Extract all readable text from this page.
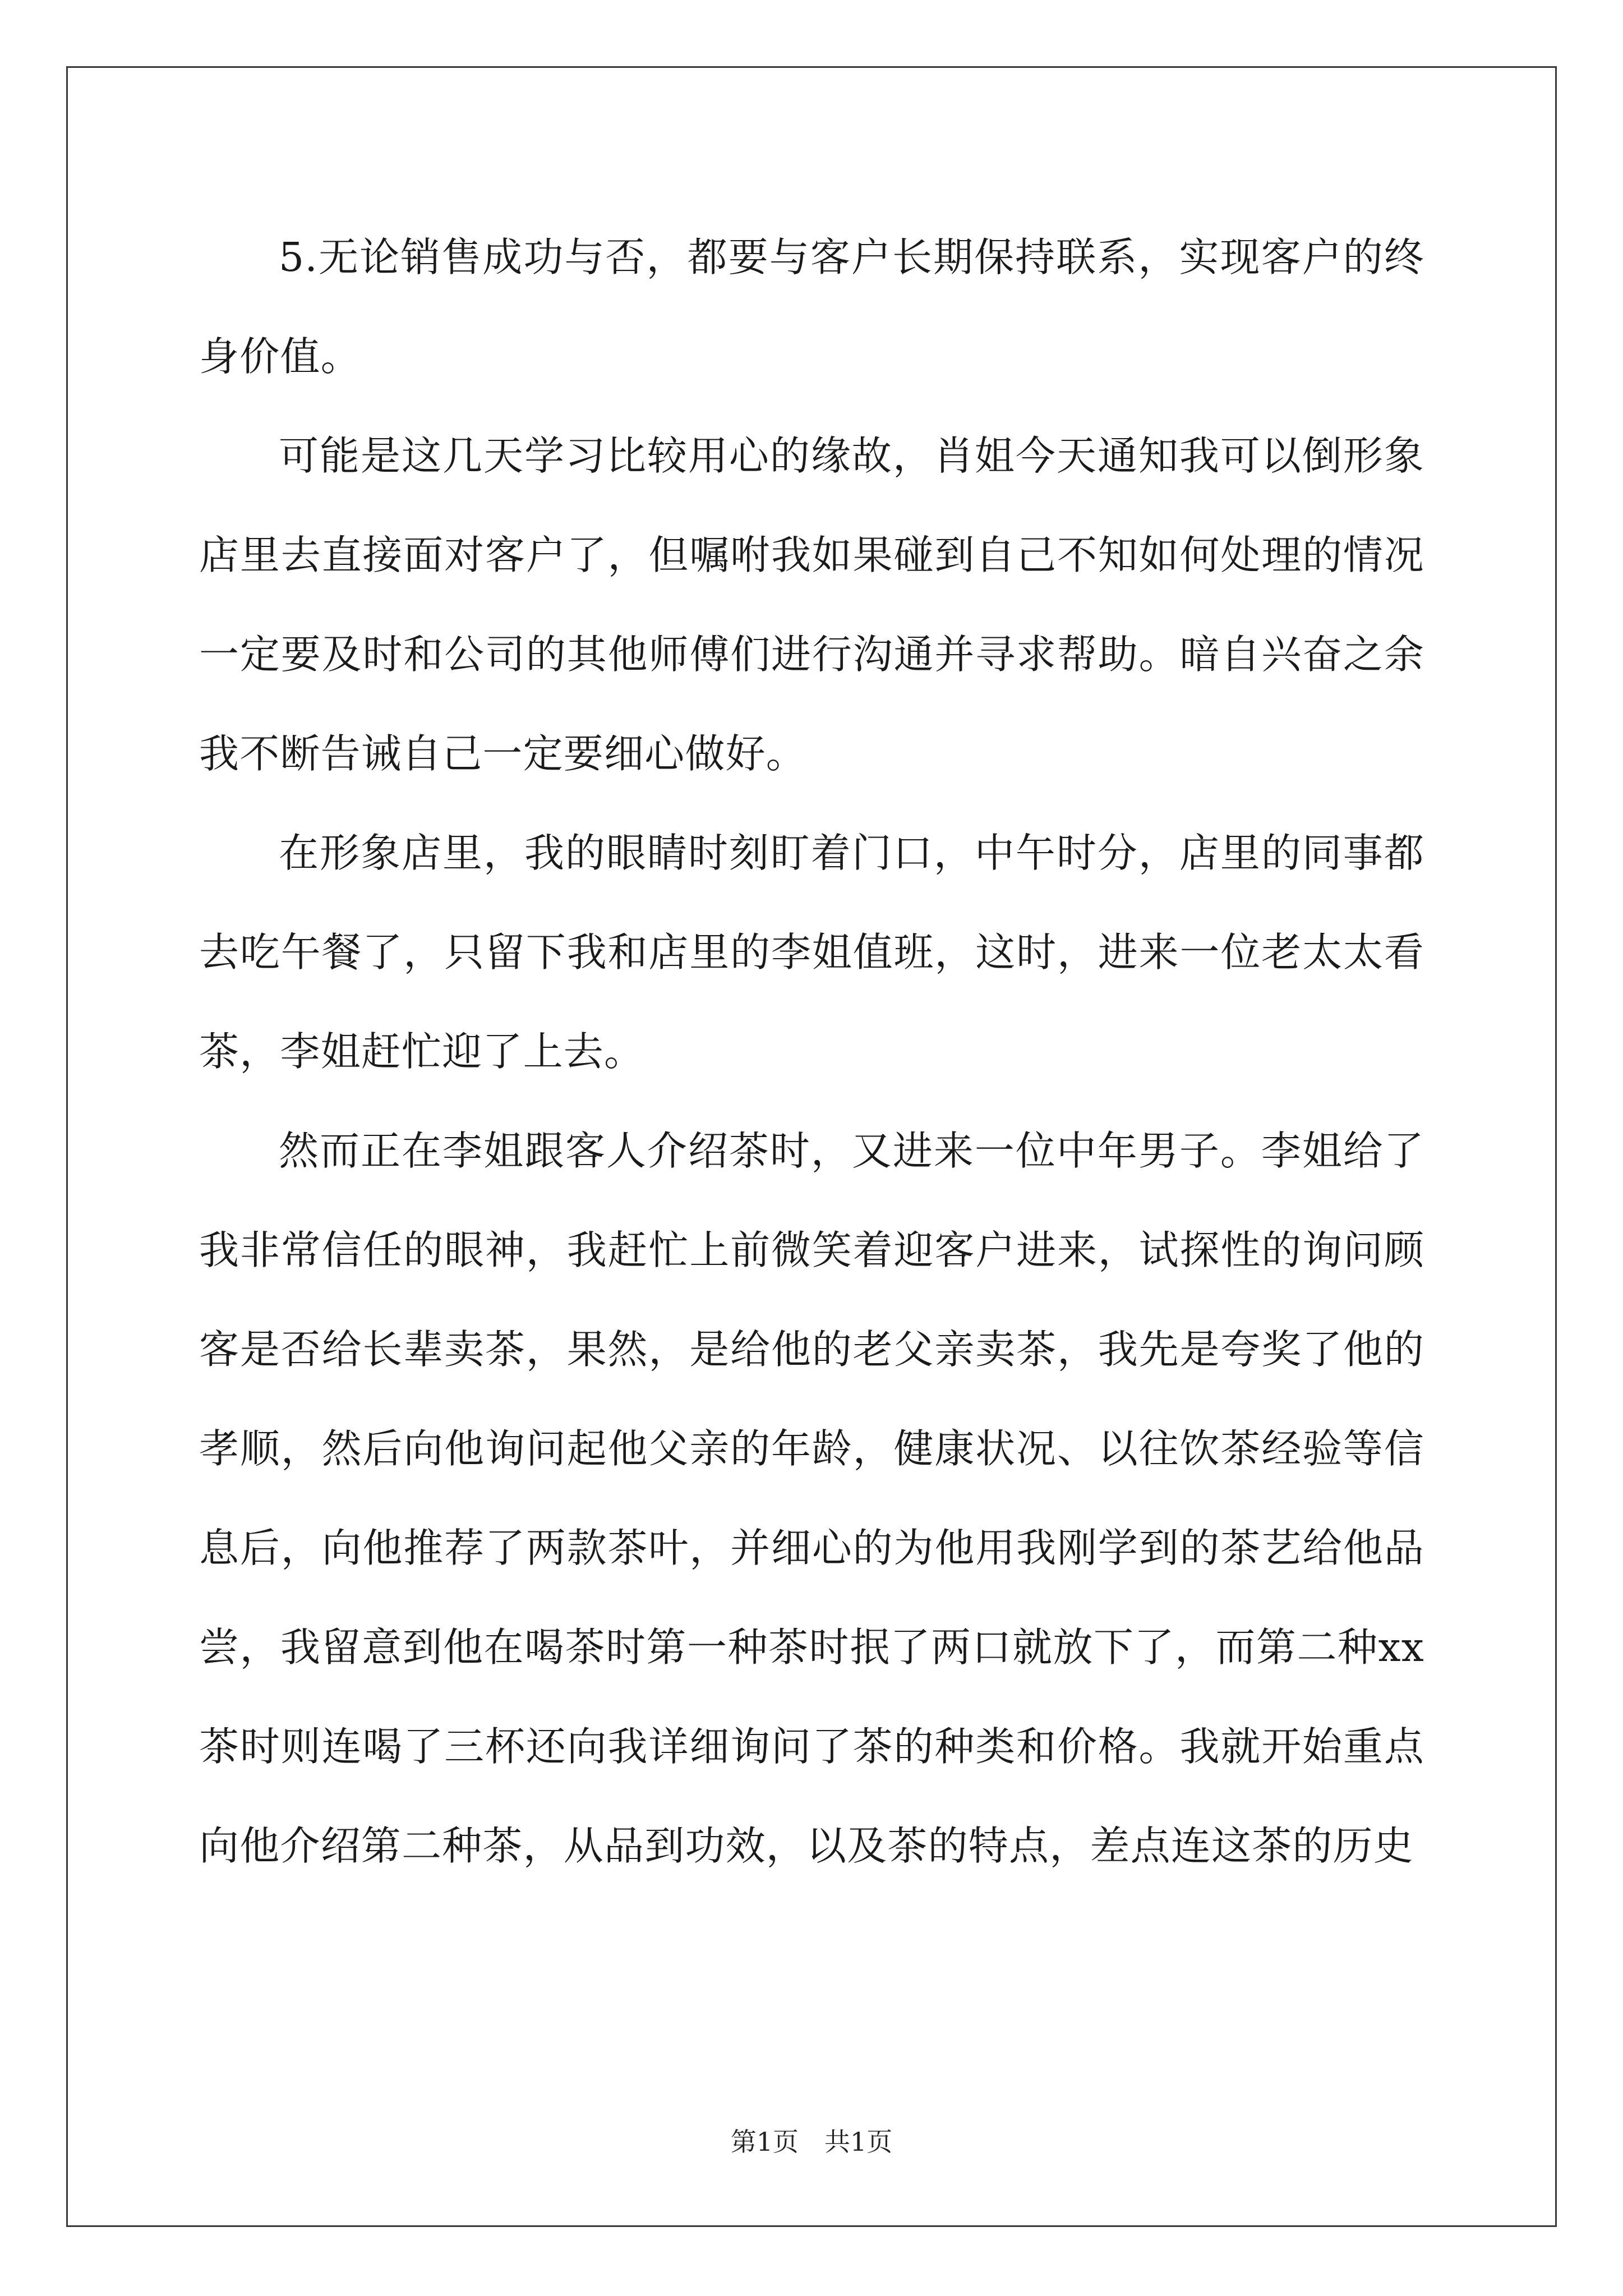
5.无论销售成功与否，都要与客户长期保持联系，实现客户的终身价值。

可能是这几天学习比较用心的缘故，肖姐今天通知我可以倒形象店里去直接面对客户了，但嘱咐我如果碰到自己不知如何处理的情况一定要及时和公司的其他师傅们进行沟通并寻求帮助。暗自兴奋之余我不断告诫自己一定要细心做好。

在形象店里，我的眼睛时刻盯着门口，中午时分，店里的同事都去吃午餐了，只留下我和店里的李姐值班，这时，进来一位老太太看茶，李姐赶忙迎了上去。

然而正在李姐跟客人介绍茶时，又进来一位中年男子。李姐给了我非常信任的眼神，我赶忙上前微笑着迎客户进来，试探性的询问顾客是否给长辈卖茶，果然，是给他的老父亲卖茶，我先是夸奖了他的孝顺，然后向他询问起他父亲的年龄，健康状况、以往饮茶经验等信息后，向他推荐了两款茶叶，并细心的为他用我刚学到的茶艺给他品尝，我留意到他在喝茶时第一种茶时抿了两口就放下了，而第二种xx茶时则连喝了三杯还向我详细询问了茶的种类和价格。我就开始重点向他介绍第二种茶，从品到功效，以及茶的特点，差点连这茶的历史

第1页 共1页
